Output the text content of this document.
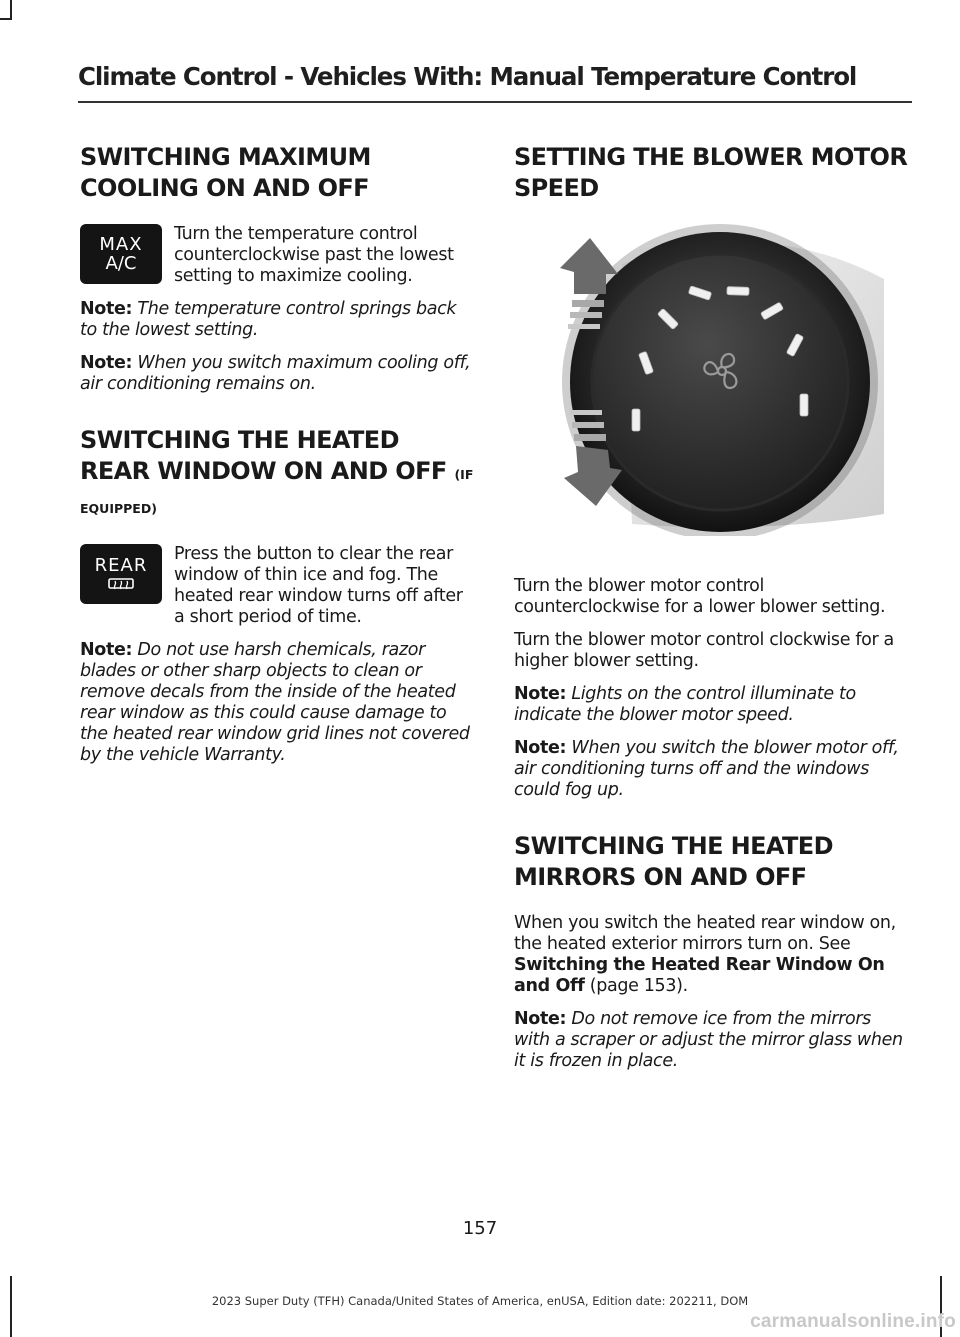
Climate Control - Vehicles With: Manual Temperature Control
SWITCHING MAXIMUM COOLING ON AND OFF
MAX
A/C

Turn the temperature control counterclockwise past the lowest setting to maximize cooling.

Note: The temperature control springs back to the lowest setting.

Note: When you switch maximum cooling off, air conditioning remains on.

SWITCHING THE HEATED REAR WINDOW ON AND OFF (IF EQUIPPED)
REAR

Press the button to clear the rear window of thin ice and fog. The heated rear window turns off after a short period of time.

Note: Do not use harsh chemicals, razor blades or other sharp objects to clean or remove decals from the inside of the heated rear window as this could cause damage to the heated rear window grid lines not covered by the vehicle Warranty.

SETTING THE BLOWER MOTOR SPEED

Turn the blower motor control counterclockwise for a lower blower setting.

Turn the blower motor control clockwise for a higher blower setting.

Note: Lights on the control illuminate to indicate the blower motor speed.

Note: When you switch the blower motor off, air conditioning turns off and the windows could fog up.

SWITCHING THE HEATED MIRRORS ON AND OFF

When you switch the heated rear window on, the heated exterior mirrors turn on. See Switching the Heated Rear Window On and Off (page 153).

Note: Do not remove ice from the mirrors with a scraper or adjust the mirror glass when it is frozen in place.

157
2023 Super Duty (TFH) Canada/United States of America, enUSA, Edition date: 202211, DOM
carmanualsonline.info
